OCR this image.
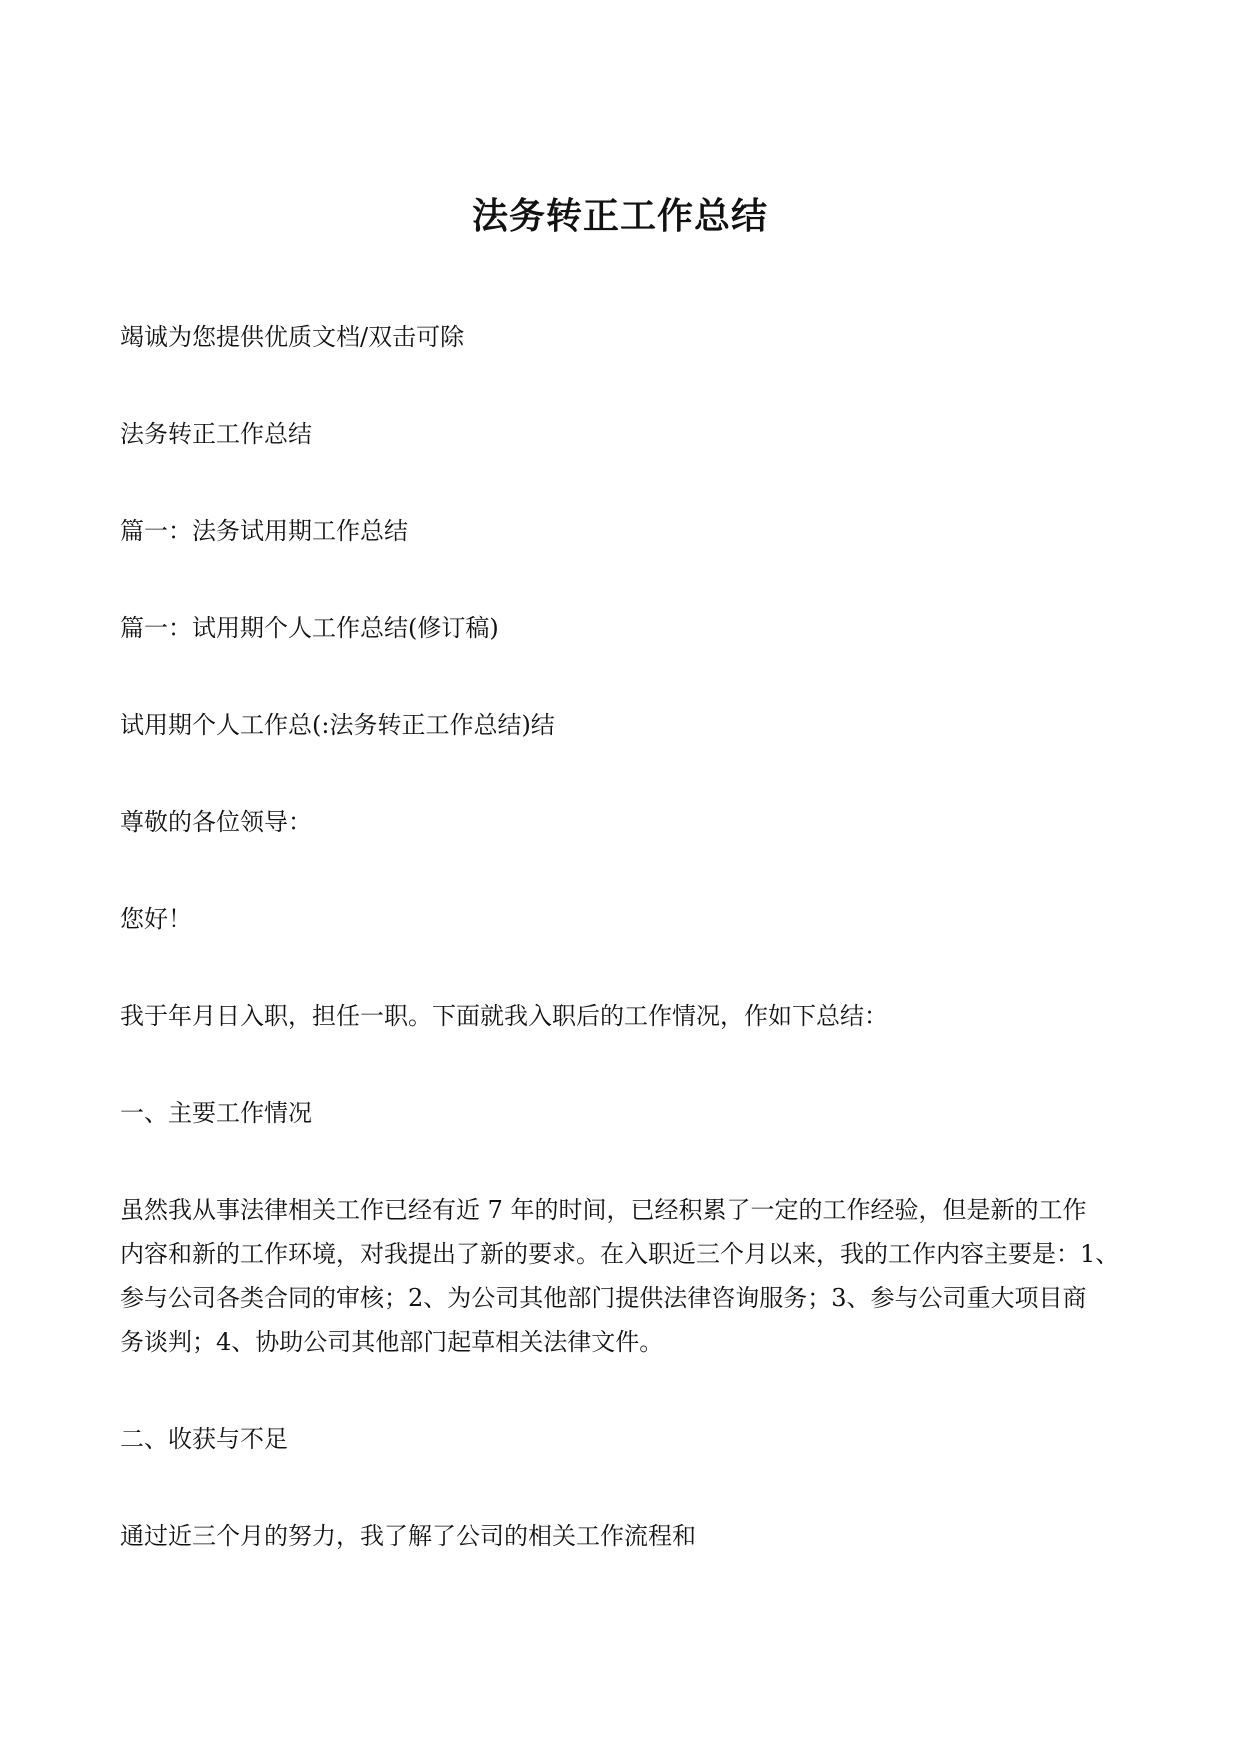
法务转正工作总结
竭诚为您提供优质文档/双击可除
法务转正工作总结
篇一：法务试用期工作总结
篇一：试用期个人工作总结(修订稿)
试用期个人工作总(:法务转正工作总结)结
尊敬的各位领导：
您好！
我于年月日入职，担任一职。下面就我入职后的工作情况，作如下总结：
一、主要工作情况
虽然我从事法律相关工作已经有近 7 年的时间，已经积累了一定的工作经验，但是新的工作
内容和新的工作环境，对我提出了新的要求。在入职近三个月以来，我的工作内容主要是：1、
参与公司各类合同的审核；2、为公司其他部门提供法律咨询服务；3、参与公司重大项目商
务谈判；4、协助公司其他部门起草相关法律文件。
二、收获与不足
通过近三个月的努力，我了解了公司的相关工作流程和
